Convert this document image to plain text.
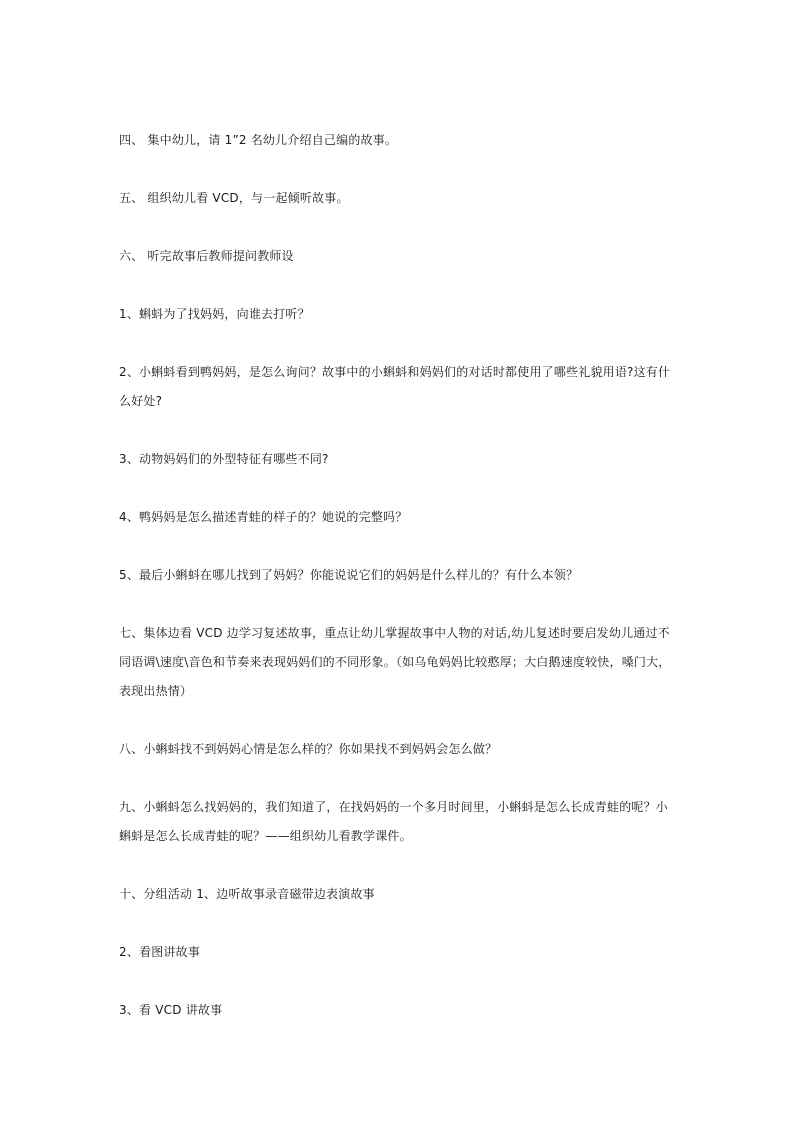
四、 集中幼儿，请 1”2 名幼儿介绍自己编的故事。
五、 组织幼儿看 VCD，与一起倾听故事。
六、 听完故事后教师提问教师设
1、蝌蚪为了找妈妈，向谁去打听？
2、小蝌蚪看到鸭妈妈，是怎么询问？故事中的小蝌蚪和妈妈们的对话时都使用了哪些礼貌用语?这有什么好处?
3、动物妈妈们的外型特征有哪些不同?
4、鸭妈妈是怎么描述青蛙的样子的？她说的完整吗？
5、最后小蝌蚪在哪儿找到了妈妈？你能说说它们的妈妈是什么样儿的？有什么本领？
七、集体边看 VCD 边学习复述故事，重点让幼儿掌握故事中人物的对话,幼儿复述时要启发幼儿通过不同语调\速度\音色和节奏来表现妈妈们的不同形象。（如乌龟妈妈比较憨厚；大白鹅速度较快，嗓门大，表现出热情）
八、小蝌蚪找不到妈妈心情是怎么样的？你如果找不到妈妈会怎么做？
九、小蝌蚪怎么找妈妈的，我们知道了，在找妈妈的一个多月时间里，小蝌蚪是怎么长成青蛙的呢？小蝌蚪是怎么长成青蛙的呢？——组织幼儿看教学课件。
十、分组活动 1、边听故事录音磁带边表演故事
2、看图讲故事
3、看 VCD 讲故事
